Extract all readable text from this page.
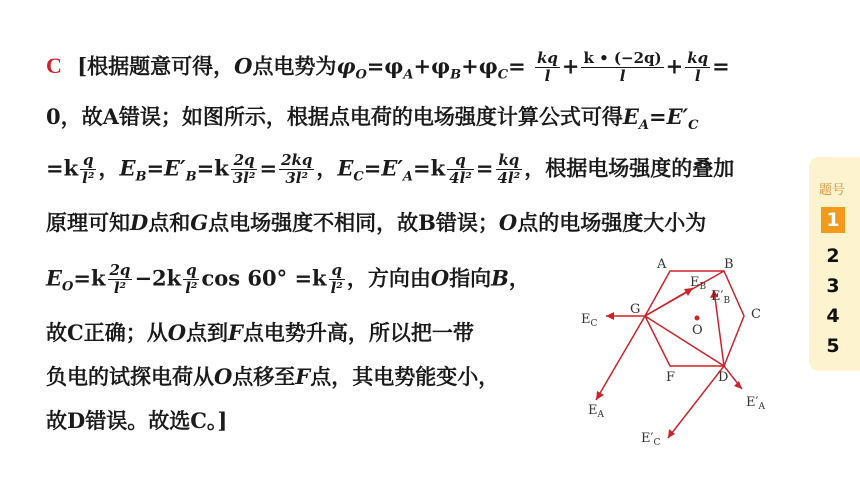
C [根据题意可得，O点电势为$\varphi_O=\varphi_A+\varphi_B+\varphi_C= \frac{kq}{l} + \frac{k • (-2q)}{l} + \frac{kq}{l}$ =
0，故A错误；如图所示，根据点电荷的电场强度计算公式可得$E_A=E'_C$
$=k \frac{q}{\text{l²}}$ ，$E_B=E'_B=k \frac{2q}{\text{3l²}} = \frac{2kq}{\text{3l²}}$ ，$E_C=E'_A=k \frac{q}{\text{4l²}} = \frac{kq}{\text{4l²}}$ ，根据电场强度的叠加
原理可知D点和G点电场强度不相同，故B错误；O点的电场强度大小为
$E_O=k \frac{2q}{\text{l²}} -2k \frac{q}{\text{l²}}$ $\cos 60^\circ =k \frac{q}{\text{l²}}$ ，方向由O指向B，
故C正确；从O点到F点电势升高，所以把一带
负电的试探电荷从O点移至F点，其电势能变小，
故D错误。故选C。]
A	B
C
D
F
G
O
$E_B$
$E'_B$
$E_C$
$E_A$
$E'_A$
$E'_C$
题号
1
2
3
4
5
